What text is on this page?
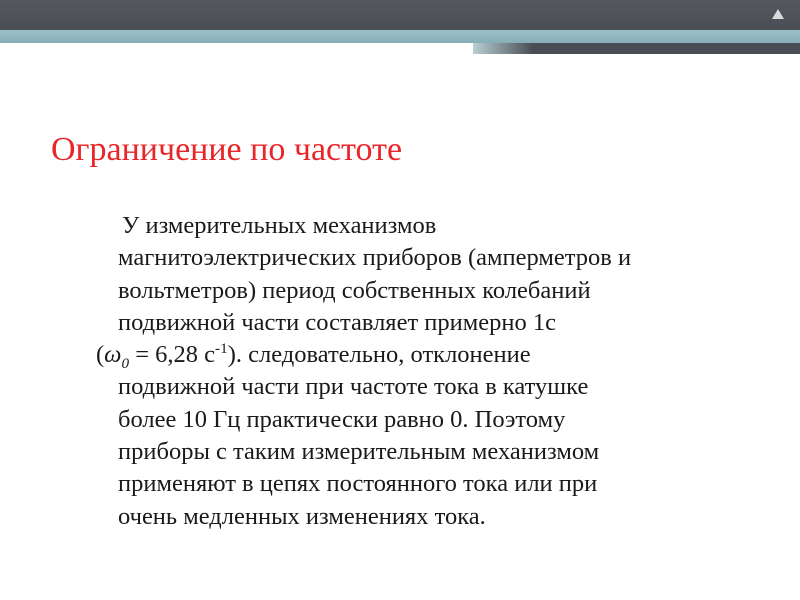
Ограничение по частоте
У измерительных механизмов
магнитоэлектрических приборов (амперметров и
вольтметров) период собственных колебаний
подвижной части составляет примерно 1с
($\omega_0 = 6,28$ $с^{-1}$). следовательно, отклонение
подвижной части при частоте тока в катушке
более 10 Гц практически равно 0. Поэтому
приборы с таким измерительным механизмом
применяют в цепях постоянного тока или при
очень медленных изменениях тока.
